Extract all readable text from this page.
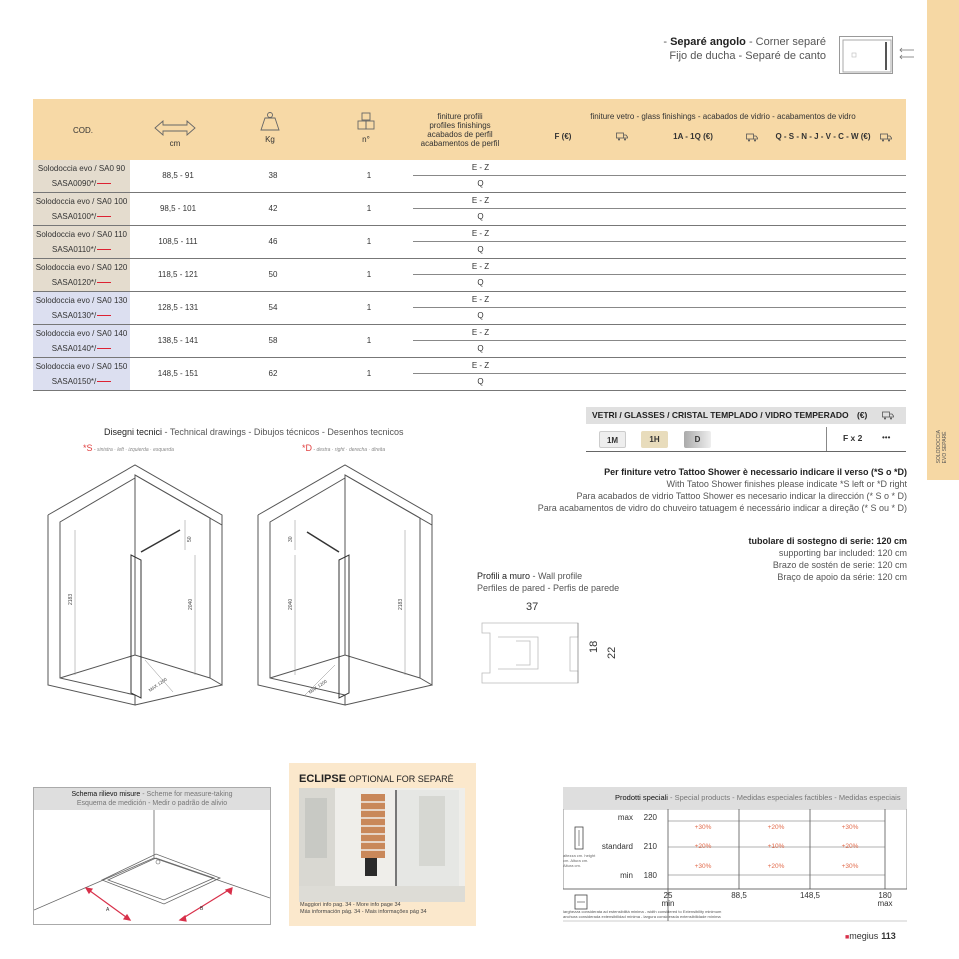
SOLODOCCIA EVO SEPARÉ
- Separé angolo - Corner separé
Fijo de ducha - Separé de canto
COD.
cm	Kg	n°
finiture profili
profiles finishings
acabados de perfil
acabamentos de perfil
finiture vetro - glass finishings - acabados de vidrio - acabamentos de vidro
F (€)	1A - 1Q (€)	Q - S - N - J - V - C - W (€)
Solodoccia evo / SA0 90
SASA0090*/
88,5 - 91	38	1
E - Z
Q
Solodoccia evo / SA0 100
SASA0100*/
98,5 - 101	42	1
E - Z
Q
Solodoccia evo / SA0 110
SASA0110*/
108,5 - 111	46	1
E - Z
Q
Solodoccia evo / SA0 120
SASA0120*/
118,5 - 121	50	1
E - Z
Q
Solodoccia evo / SA0 130
SASA0130*/
128,5 - 131	54	1
E - Z
Q
Solodoccia evo / SA0 140
SASA0140*/
138,5 - 141	58	1
E - Z
Q
Solodoccia evo / SA0 150
SASA0150*/
148,5 - 151	62	1
E - Z
Q
VETRI / GLASSES / CRISTAL TEMPLADO / VIDRO TEMPERADO (€)
1M	1H	D	F x 2 •••
Per finiture vetro Tattoo Shower è necessario indicare il verso (*S o *D)
With Tatoo Shower finishes please indicate *S left or *D right
Para acabados de vidrio Tattoo Shower es necesario indicar la dirección (* S o * D)
Para acabamentos de vidro do chuveiro tatuagem é necessário indicar a direção (* S ou * D)
tubolare di sostegno di serie: 120 cm
supporting bar included: 120 cm
Brazo de sostén de serie: 120 cm
Braço de apoio da série: 120 cm
Disegni tecnici - Technical drawings - Dibujos técnicos - Desenhos tecnicos
*S - sinistra · left · izquierda · esquerda	*D - destra · right · derecha · direita
2183	2040
50
MAX 1200
2040	2183
30
MAX 1200
Profili a muro - Wall profile
Perfiles de pared - Perfis de parede
37
18 22
Schema rilievo misure - Scheme for measure-taking
Esquema de medición - Medir o padrão de alivio
A	B
ECLIPSE OPTIONAL FOR SEPARÈ
Maggiori info pag. 34 - More info page 34
Más información pág. 34 - Mais informações pág 34
Prodotti speciali - Special products - Medidas especiales factibles - Medidas especiais
max	220
standard	210
min	180
altezza cm. height cm. Altura cm. Altura cm.
+30%	+20%	+30%
+20%	+10%	+20%
+30%	+20%	+30%
25
min
88,5	148,5	180
max
larghezza considerata ad estensibilità minima - width considered to Extensibility minimum
anchura considerada extensibilidad mínima - largura considerada extensibilidade mínima
■megius 113
